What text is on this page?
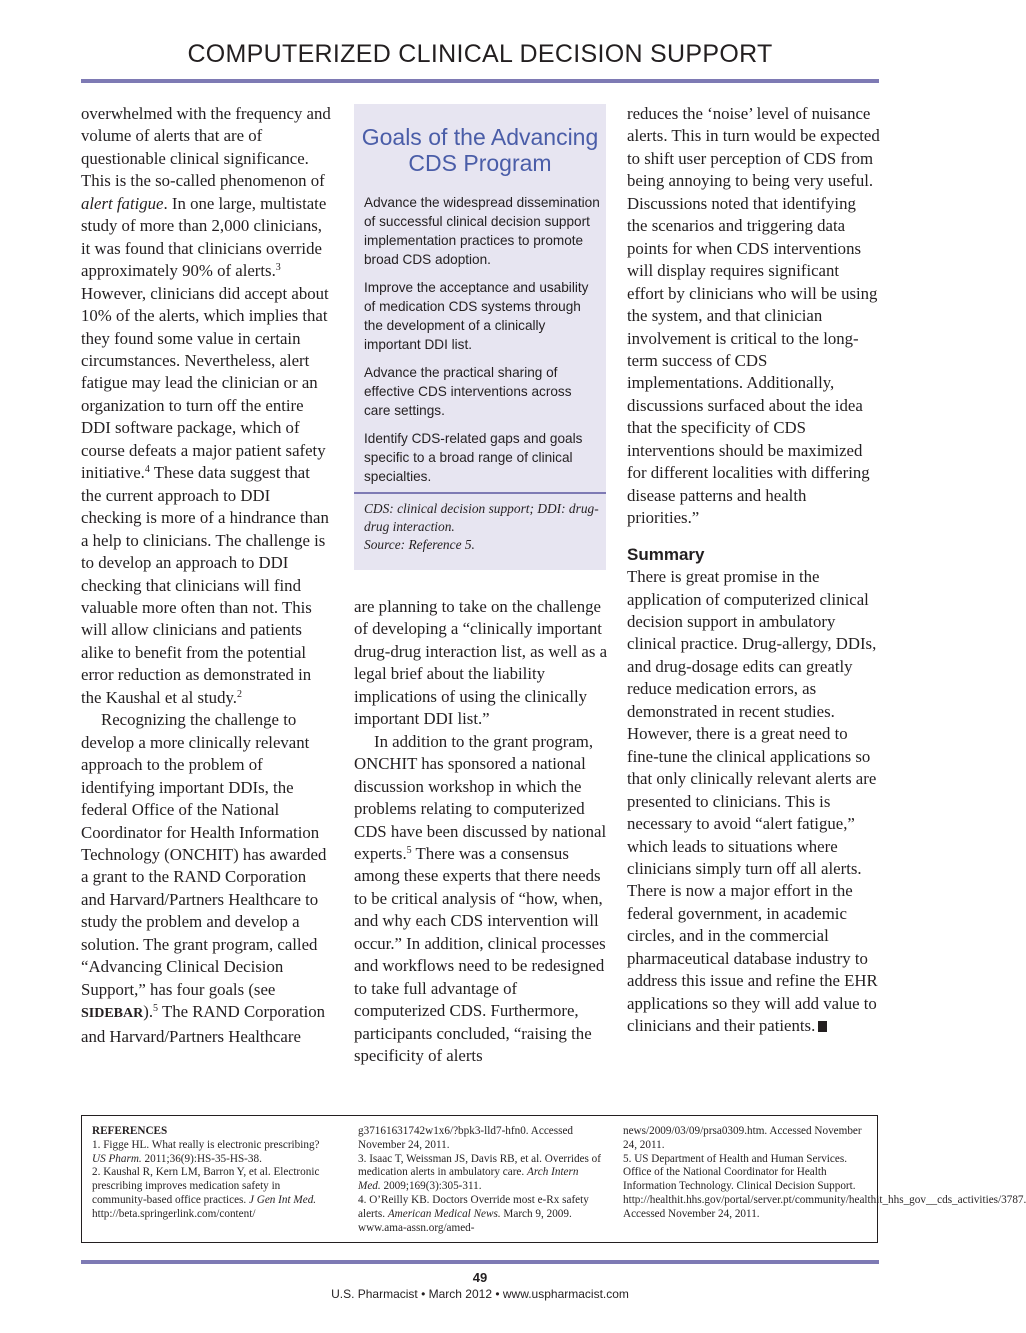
COMPUTERIZED CLINICAL DECISION SUPPORT

overwhelmed with the frequency and volume of alerts that are of questionable clinical significance. This is the so-called phenomenon of alert fatigue. In one large, multistate study of more than 2,000 clinicians, it was found that clinicians override approximately 90% of alerts.$^3$ However, clinicians did accept about 10% of the alerts, which implies that they found some value in certain circumstances. Nevertheless, alert fatigue may lead the clinician or an organization to turn off the entire DDI software package, which of course defeats a major patient safety initiative.$^4$ These data suggest that the current approach to DDI checking is more of a hindrance than a help to clinicians. The challenge is to develop an approach to DDI checking that clinicians will find valuable more often than not. This will allow clinicians and patients alike to benefit from the potential error reduction as demonstrated in the Kaushal et al study.$^2$

Recognizing the challenge to develop a more clinically relevant approach to the problem of identifying important DDIs, the federal Office of the National Coordinator for Health Information Technology (ONCHIT) has awarded a grant to the RAND Corporation and Harvard/Partners Healthcare to study the problem and develop a solution. The grant program, called “Advancing Clinical Decision Support,” has four goals (see SIDEBAR).$^5$ The RAND Corporation and Harvard/Partners Healthcare

Goals of the Advancing CDS Program

Advance the widespread dissemination of successful clinical decision support implementation practices to promote broad CDS adoption.

Improve the acceptance and usability of medication CDS systems through the development of a clinically important DDI list.

Advance the practical sharing of effective CDS interventions across care settings.

Identify CDS-related gaps and goals specific to a broad range of clinical specialties.

CDS: clinical decision support; DDI: drug-drug interaction.
Source: Reference 5.

are planning to take on the challenge of developing a “clinically important drug-drug interaction list, as well as a legal brief about the liability implications of using the clinically important DDI list.”

In addition to the grant program, ONCHIT has sponsored a national discussion workshop in which the problems relating to computerized CDS have been discussed by national experts.$^5$ There was a consensus among these experts that there needs to be critical analysis of “how, when, and why each CDS intervention will occur.” In addition, clinical processes and workflows need to be redesigned to take full advantage of computerized CDS. Furthermore, participants concluded, “raising the specificity of alerts

reduces the ‘noise’ level of nuisance alerts. This in turn would be expected to shift user perception of CDS from being annoying to being very useful. Discussions noted that identifying the scenarios and triggering data points for when CDS interventions will display requires significant effort by clinicians who will be using the system, and that clinician involvement is critical to the long-term success of CDS implementations. Additionally, discussions surfaced about the idea that the specificity of CDS interventions should be maximized for different localities with differing disease patterns and health priorities.”

Summary

There is great promise in the application of computerized clinical decision support in ambulatory clinical practice. Drug-allergy, DDIs, and drug-dosage edits can greatly reduce medication errors, as demonstrated in recent studies. However, there is a great need to fine-tune the clinical applications so that only clinically relevant alerts are presented to clinicians. This is necessary to avoid “alert fatigue,” which leads to situations where clinicians simply turn off all alerts. There is now a major effort in the federal government, in academic circles, and in the commercial pharmaceutical database industry to address this issue and refine the EHR applications so they will add value to clinicians and their patients.

REFERENCES

1. Figge HL. What really is electronic prescribing? US Pharm. 2011;36(9):HS-35-HS-38.

2. Kaushal R, Kern LM, Barron Y, et al. Electronic prescribing improves medication safety in community-based office practices. J Gen Int Med. http://beta.springerlink.com/content/

g37161631742w1x6/?bpk3-lld7-hfn0. Accessed November 24, 2011.

3. Isaac T, Weissman JS, Davis RB, et al. Overrides of medication alerts in ambulatory care. Arch Intern Med. 2009;169(3):305-311.

4. O’Reilly KB. Doctors Override most e-Rx safety alerts. American Medical News. March 9, 2009. www.ama-assn.org/amed-

news/2009/03/09/prsa0309.htm. Accessed November 24, 2011.

5. US Department of Health and Human Services. Office of the National Coordinator for Health Information Technology. Clinical Decision Support. http://healthit.hhs.gov/portal/server.pt/community/healthit_hhs_gov__cds_activities/3787. Accessed November 24, 2011.

49
U.S. Pharmacist • March 2012 • www.uspharmacist.com
